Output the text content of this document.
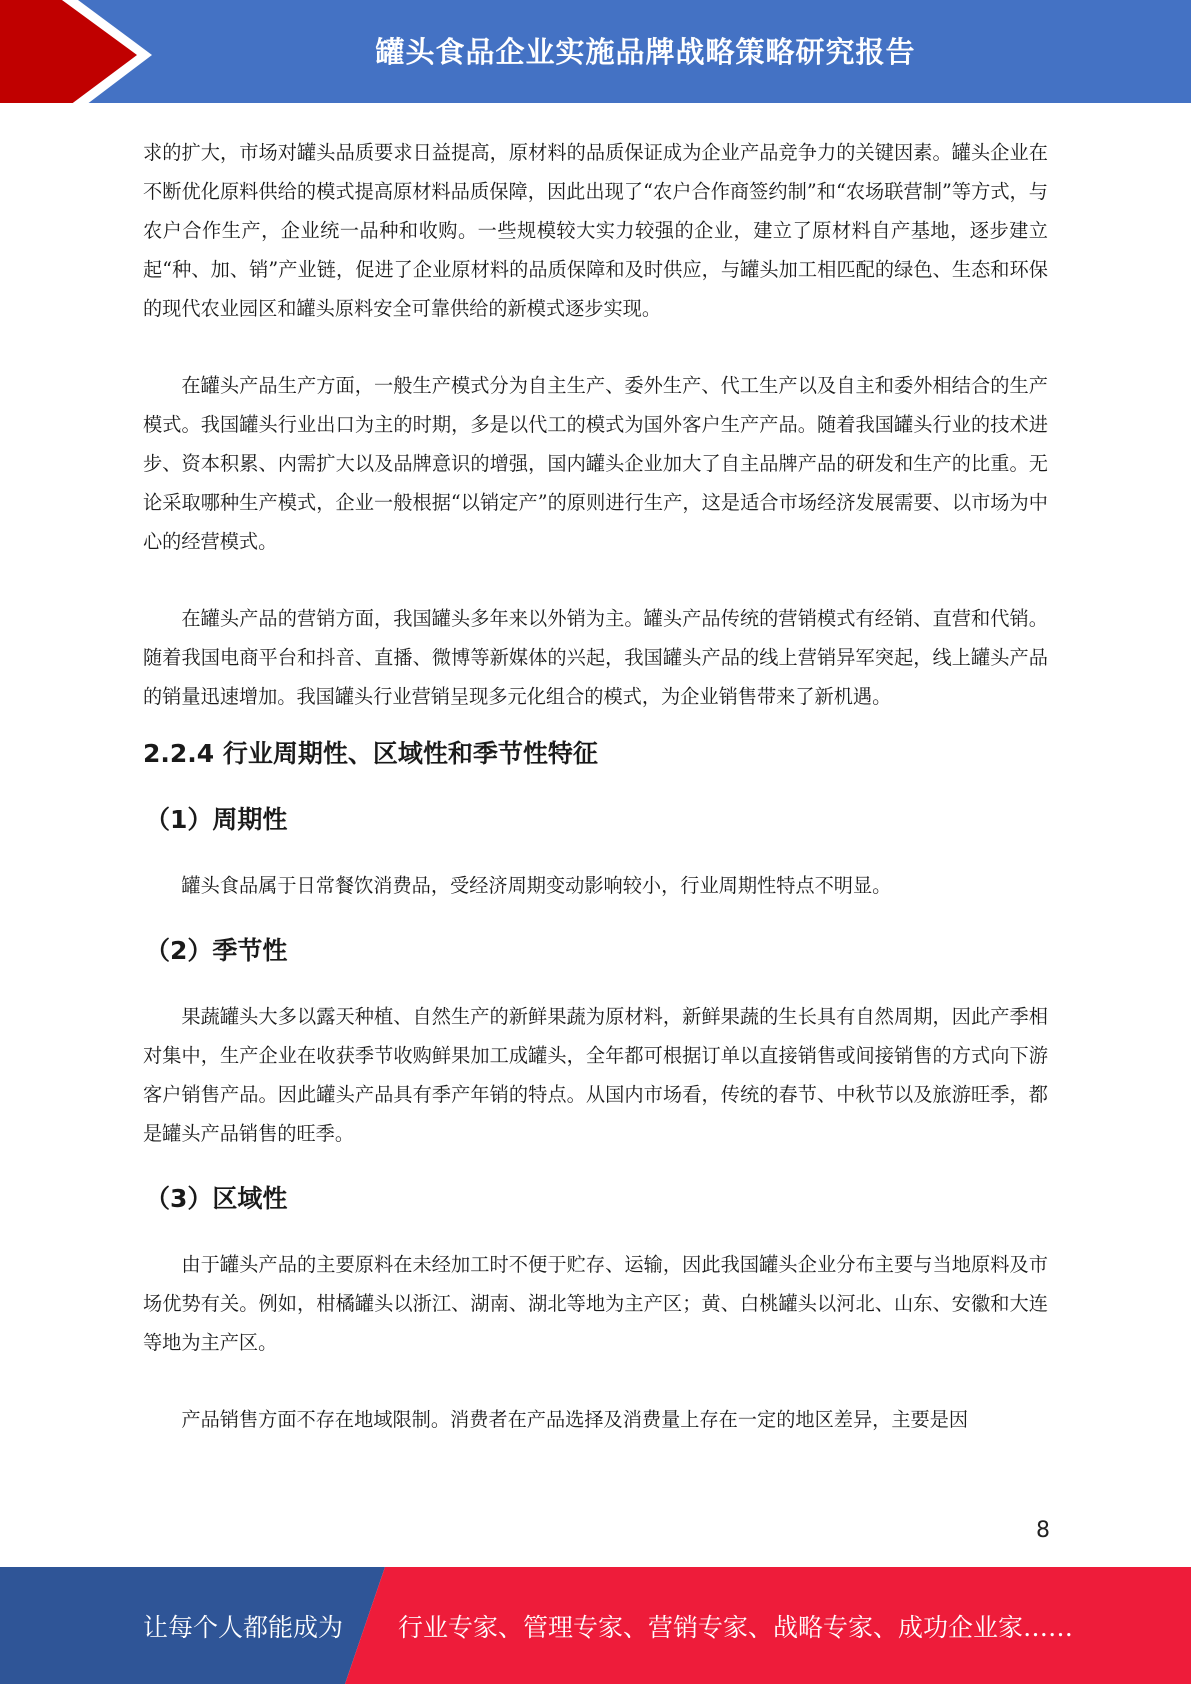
罐头食品企业实施品牌战略策略研究报告

求的扩大，市场对罐头品质要求日益提高，原材料的品质保证成为企业产品竞争力的关键因素。罐头企业在不断优化原料供给的模式提高原材料品质保障，因此出现了“农户合作商签约制”和“农场联营制”等方式，与农户合作生产，企业统一品种和收购。一些规模较大实力较强的企业，建立了原材料自产基地，逐步建立起“种、加、销”产业链，促进了企业原材料的品质保障和及时供应，与罐头加工相匹配的绿色、生态和环保的现代农业园区和罐头原料安全可靠供给的新模式逐步实现。

在罐头产品生产方面，一般生产模式分为自主生产、委外生产、代工生产以及自主和委外相结合的生产模式。我国罐头行业出口为主的时期，多是以代工的模式为国外客户生产产品。随着我国罐头行业的技术进步、资本积累、内需扩大以及品牌意识的增强，国内罐头企业加大了自主品牌产品的研发和生产的比重。无论采取哪种生产模式，企业一般根据“以销定产”的原则进行生产，这是适合市场经济发展需要、以市场为中心的经营模式。

在罐头产品的营销方面，我国罐头多年来以外销为主。罐头产品传统的营销模式有经销、直营和代销。随着我国电商平台和抖音、直播、微博等新媒体的兴起，我国罐头产品的线上营销异军突起，线上罐头产品的销量迅速增加。我国罐头行业营销呈现多元化组合的模式，为企业销售带来了新机遇。

2.2.4 行业周期性、区域性和季节性特征
（1）周期性

罐头食品属于日常餐饮消费品，受经济周期变动影响较小，行业周期性特点不明显。

（2）季节性

果蔬罐头大多以露天种植、自然生产的新鲜果蔬为原材料，新鲜果蔬的生长具有自然周期，因此产季相对集中，生产企业在收获季节收购鲜果加工成罐头，全年都可根据订单以直接销售或间接销售的方式向下游客户销售产品。因此罐头产品具有季产年销的特点。从国内市场看，传统的春节、中秋节以及旅游旺季，都是罐头产品销售的旺季。

（3）区域性

由于罐头产品的主要原料在未经加工时不便于贮存、运输，因此我国罐头企业分布主要与当地原料及市场优势有关。例如，柑橘罐头以浙江、湖南、湖北等地为主产区；黄、白桃罐头以河北、山东、安徽和大连等地为主产区。

产品销售方面不存在地域限制。消费者在产品选择及消费量上存在一定的地区差异，主要是因

8
让每个人都能成为 行业专家、管理专家、营销专家、战略专家、成功企业家……
